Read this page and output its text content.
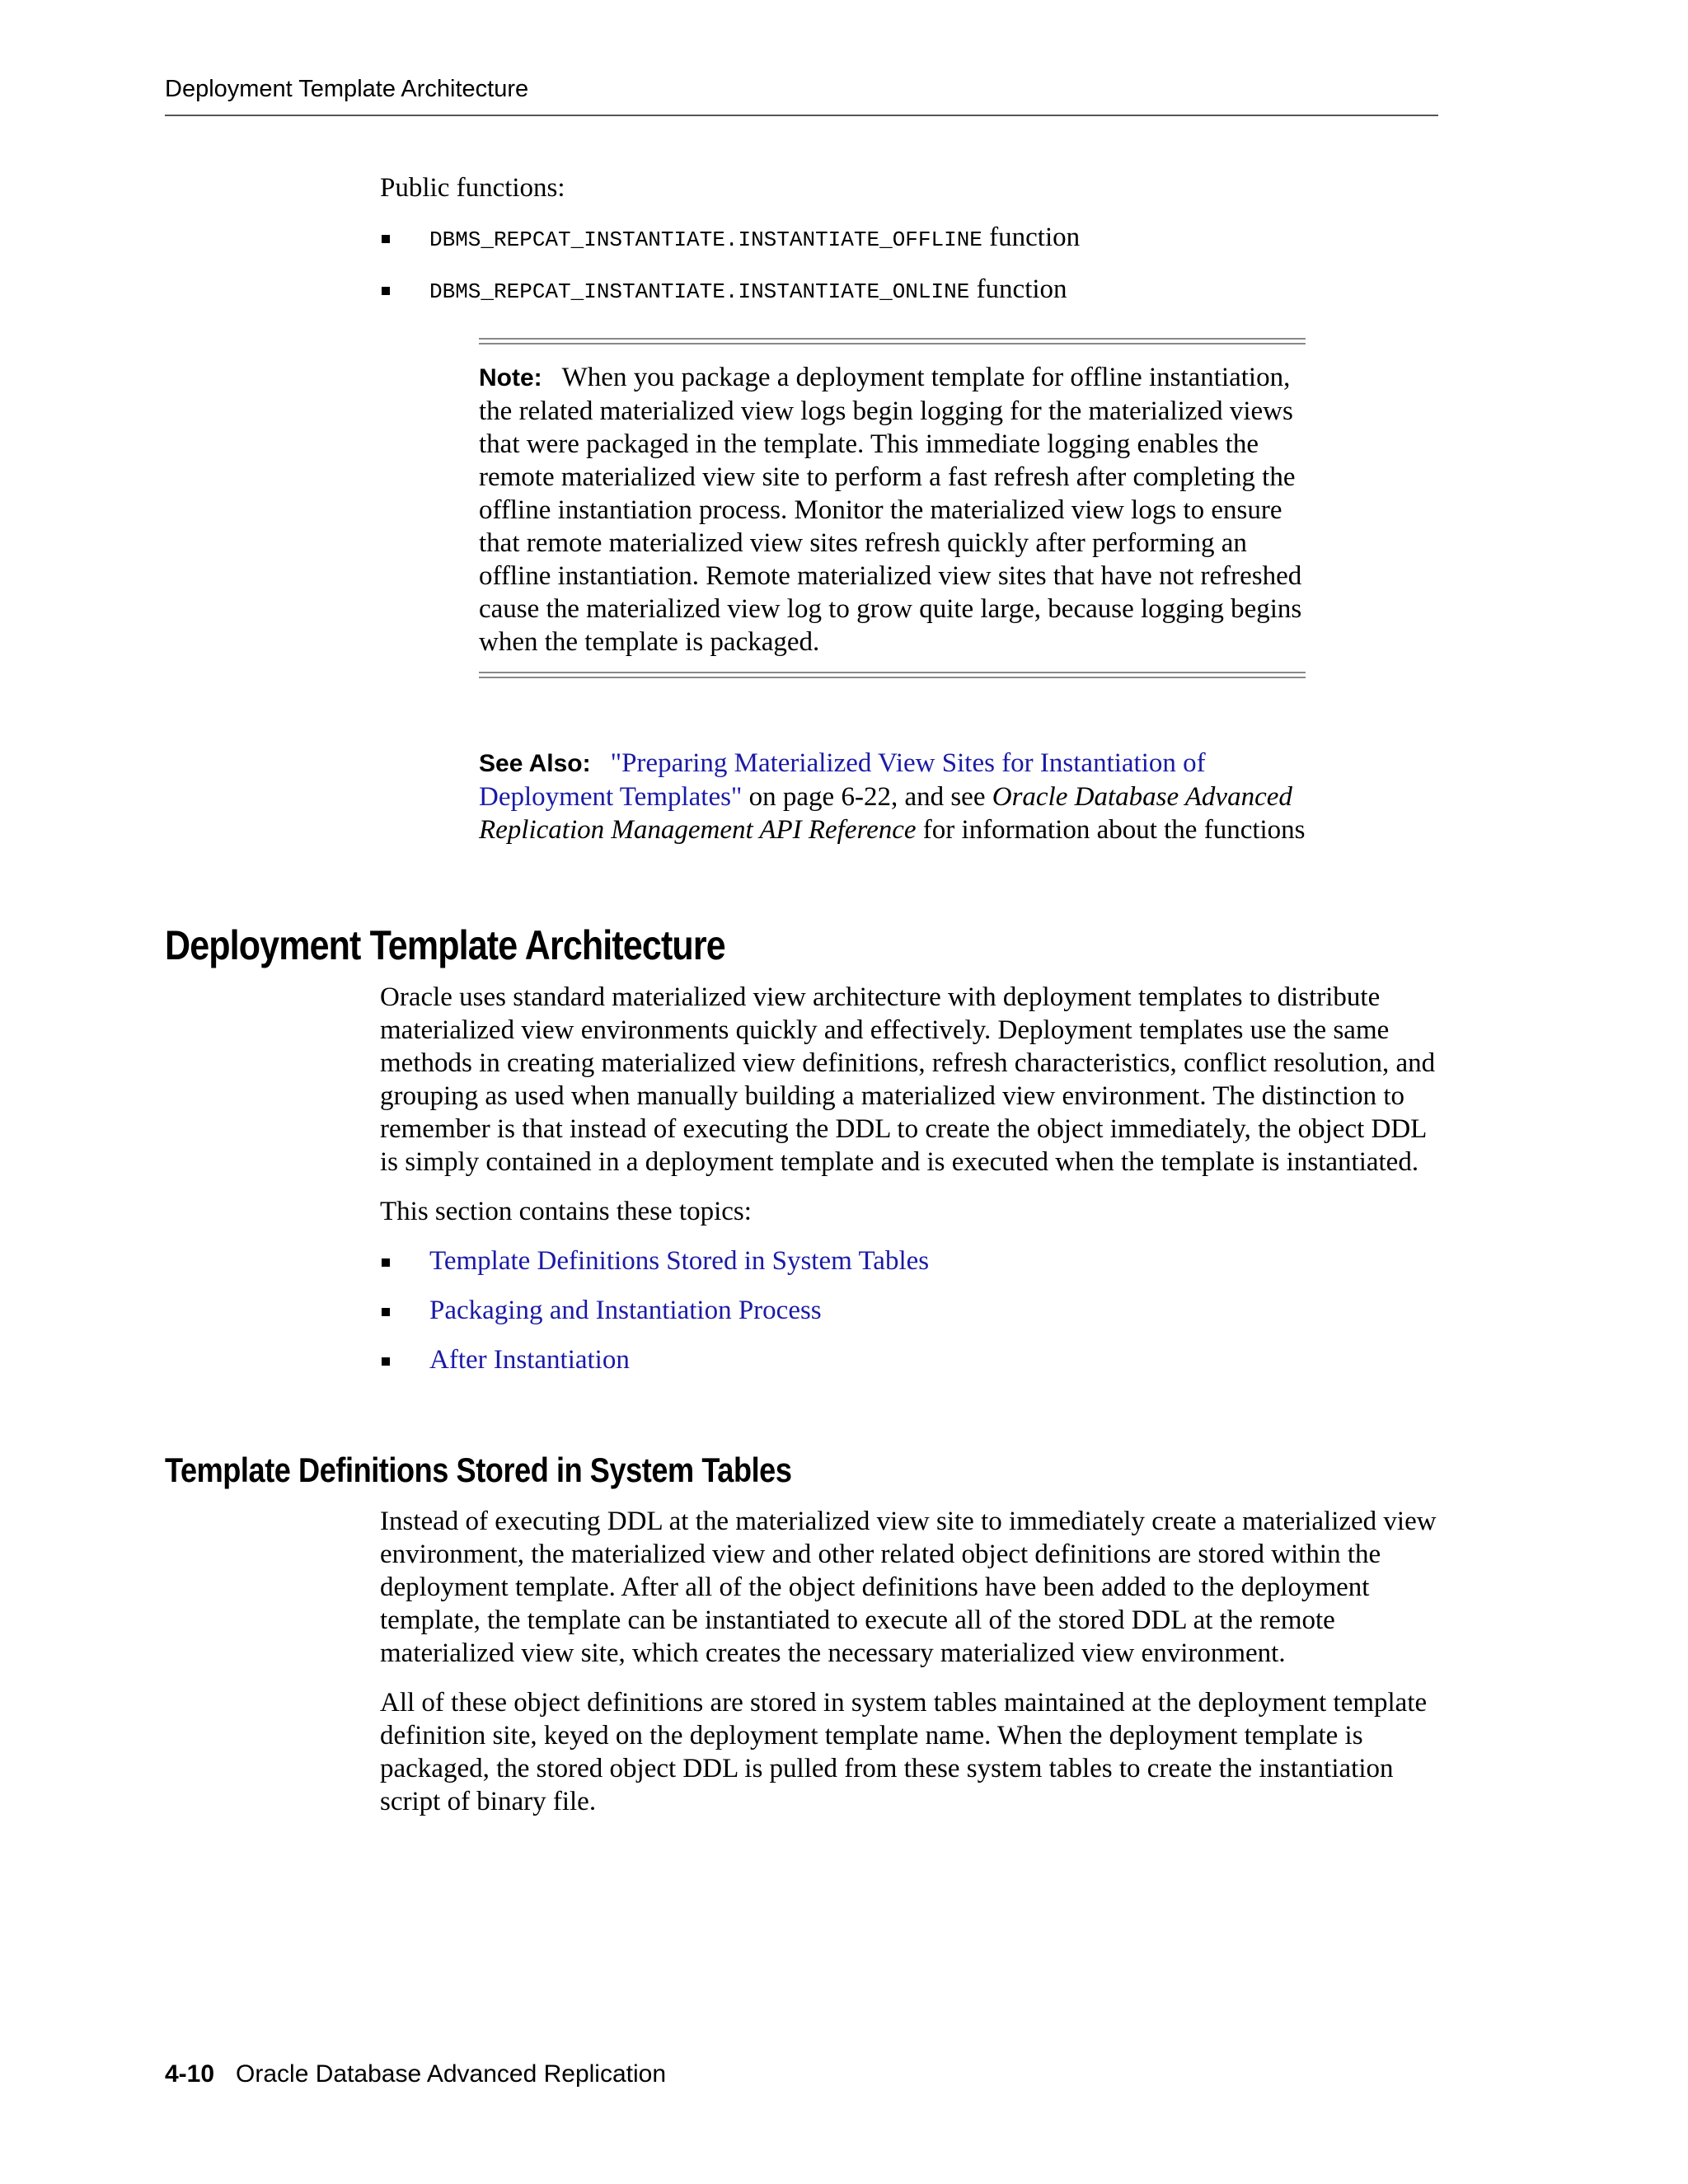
Deployment Template Architecture

Public functions:

DBMS_REPCAT_INSTANTIATE.INSTANTIATE_OFFLINE function
DBMS_REPCAT_INSTANTIATE.INSTANTIATE_ONLINE function

Note: When you package a deployment template for offline instantiation, the related materialized view logs begin logging for the materialized views that were packaged in the template. This immediate logging enables the remote materialized view site to perform a fast refresh after completing the offline instantiation process. Monitor the materialized view logs to ensure that remote materialized view sites refresh quickly after performing an offline instantiation. Remote materialized view sites that have not refreshed cause the materialized view log to grow quite large, because logging begins when the template is packaged.

See Also: "Preparing Materialized View Sites for Instantiation of Deployment Templates" on page 6-22, and see Oracle Database Advanced Replication Management API Reference for information about the functions

Deployment Template Architecture

Oracle uses standard materialized view architecture with deployment templates to distribute materialized view environments quickly and effectively. Deployment templates use the same methods in creating materialized view definitions, refresh characteristics, conflict resolution, and grouping as used when manually building a materialized view environment. The distinction to remember is that instead of executing the DDL to create the object immediately, the object DDL is simply contained in a deployment template and is executed when the template is instantiated.

This section contains these topics:

Template Definitions Stored in System Tables
Packaging and Instantiation Process
After Instantiation
Template Definitions Stored in System Tables

Instead of executing DDL at the materialized view site to immediately create a materialized view environment, the materialized view and other related object definitions are stored within the deployment template. After all of the object definitions have been added to the deployment template, the template can be instantiated to execute all of the stored DDL at the remote materialized view site, which creates the necessary materialized view environment.

All of these object definitions are stored in system tables maintained at the deployment template definition site, keyed on the deployment template name. When the deployment template is packaged, the stored object DDL is pulled from these system tables to create the instantiation script of binary file.

4-10 Oracle Database Advanced Replication
